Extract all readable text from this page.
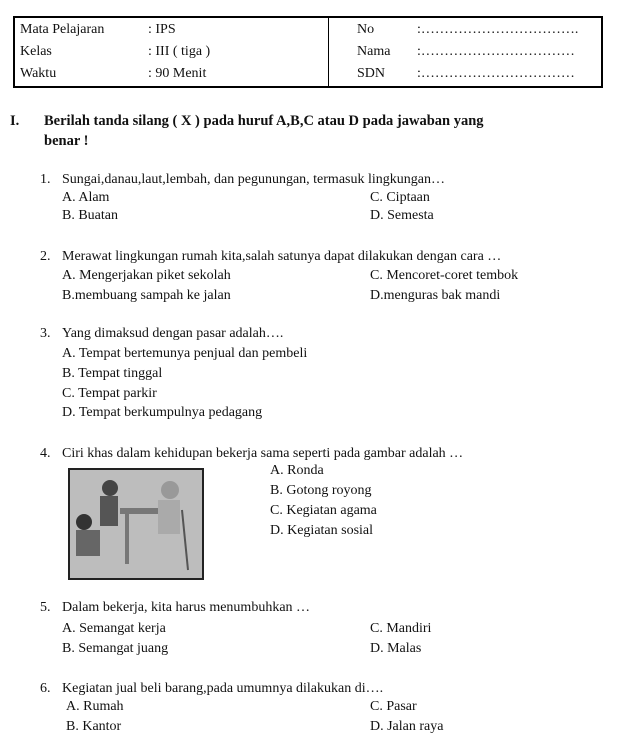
Mata Pelajaran	: IPS
Kelas	: III ( tiga )
Waktu	: 90 Menit
No	:…………………………….
Nama :……………………………
SDN :……………………………
I. Berilah tanda silang ( X ) pada huruf A,B,C atau D pada jawaban yang
benar !
1. Sungai,danau,laut,lembah, dan pegunungan, termasuk lingkungan…
A. Alam	C. Ciptaan
B. Buatan	D. Semesta
2. Merawat lingkungan rumah kita,salah satunya dapat dilakukan dengan cara …
A. Mengerjakan piket sekolah	C. Mencoret-coret tembok
B.membuang sampah ke jalan	D.menguras bak mandi
3. Yang dimaksud dengan pasar adalah….
A. Tempat bertemunya penjual dan pembeli
B. Tempat tinggal
C. Tempat parkir
D. Tempat berkumpulnya pedagang
4. Ciri khas dalam kehidupan bekerja sama seperti pada gambar adalah …
A. Ronda
B. Gotong royong
C. Kegiatan agama
D. Kegiatan sosial
5. Dalam bekerja, kita harus menumbuhkan …
A. Semangat kerja	C. Mandiri
B. Semangat juang	D. Malas
6. Kegiatan jual beli barang,pada umumnya dilakukan di….
A. Rumah	C. Pasar
B. Kantor	D. Jalan raya
